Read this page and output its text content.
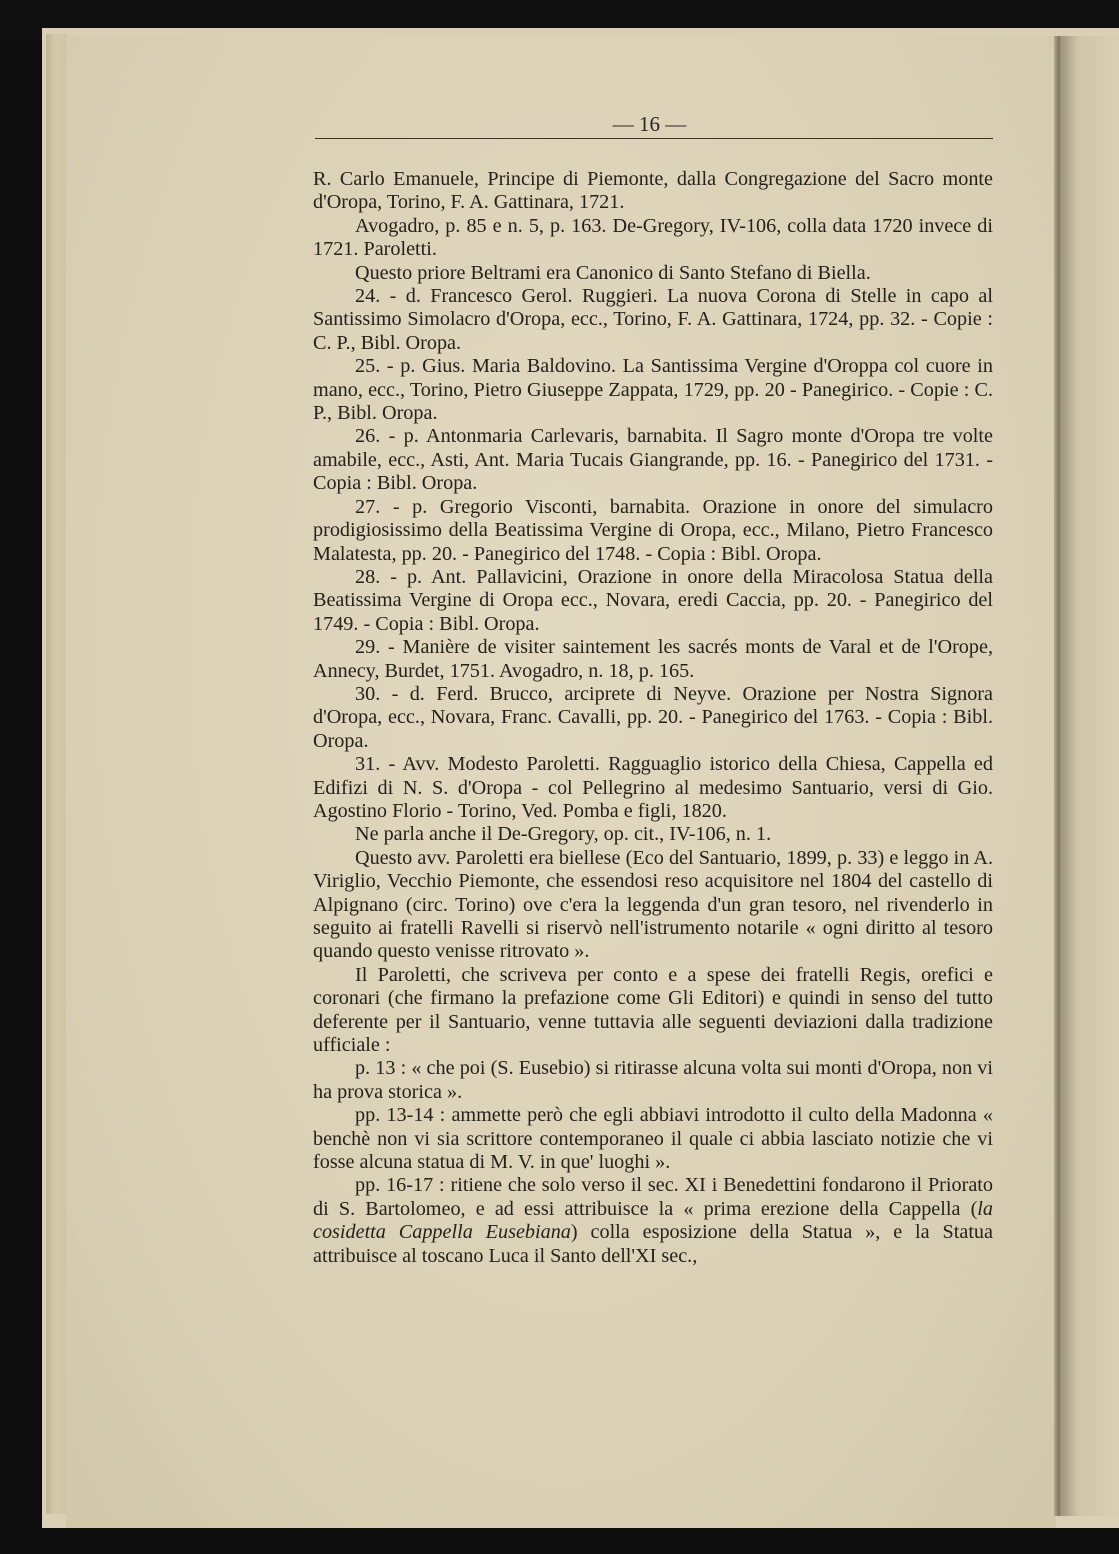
— 16 —

R. Carlo Emanuele, Principe di Piemonte, dalla Congregazione del Sacro monte d'Oropa, Torino, F. A. Gattinara, 1721.

Avogadro, p. 85 e n. 5, p. 163. De-Gregory, IV-106, colla data 1720 invece di 1721. Paroletti.

Questo priore Beltrami era Canonico di Santo Stefano di Biella.

24. - d. Francesco Gerol. Ruggieri. La nuova Corona di Stelle in capo al Santissimo Simolacro d'Oropa, ecc., Torino, F. A. Gattinara, 1724, pp. 32. - Copie : C. P., Bibl. Oropa.

25. - p. Gius. Maria Baldovino. La Santissima Vergine d'Oroppa col cuore in mano, ecc., Torino, Pietro Giuseppe Zappata, 1729, pp. 20 - Panegirico. - Copie : C. P., Bibl. Oropa.

26. - p. Antonmaria Carlevaris, barnabita. Il Sagro monte d'Oropa tre volte amabile, ecc., Asti, Ant. Maria Tucais Giangrande, pp. 16. - Panegirico del 1731. - Copia : Bibl. Oropa.

27. - p. Gregorio Visconti, barnabita. Orazione in onore del simulacro prodigiosissimo della Beatissima Vergine di Oropa, ecc., Milano, Pietro Francesco Malatesta, pp. 20. - Panegirico del 1748. - Copia : Bibl. Oropa.

28. - p. Ant. Pallavicini, Orazione in onore della Miracolosa Statua della Beatissima Vergine di Oropa ecc., Novara, eredi Caccia, pp. 20. - Panegirico del 1749. - Copia : Bibl. Oropa.

29. - Manière de visiter saintement les sacrés monts de Varal et de l'Orope, Annecy, Burdet, 1751. Avogadro, n. 18, p. 165.

30. - d. Ferd. Brucco, arciprete di Neyve. Orazione per Nostra Signora d'Oropa, ecc., Novara, Franc. Cavalli, pp. 20. - Panegirico del 1763. - Copia : Bibl. Oropa.

31. - Avv. Modesto Paroletti. Ragguaglio istorico della Chiesa, Cappella ed Edifizi di N. S. d'Oropa - col Pellegrino al medesimo Santuario, versi di Gio. Agostino Florio - Torino, Ved. Pomba e figli, 1820.

Ne parla anche il De-Gregory, op. cit., IV-106, n. 1.

Questo avv. Paroletti era biellese (Eco del Santuario, 1899, p. 33) e leggo in A. Viriglio, Vecchio Piemonte, che essendosi reso acquisitore nel 1804 del castello di Alpignano (circ. Torino) ove c'era la leggenda d'un gran tesoro, nel rivenderlo in seguito ai fratelli Ravelli si riservò nell'istrumento notarile « ogni diritto al tesoro quando questo venisse ritrovato ».

Il Paroletti, che scriveva per conto e a spese dei fratelli Regis, orefici e coronari (che firmano la prefazione come Gli Editori) e quindi in senso del tutto deferente per il Santuario, venne tuttavia alle seguenti deviazioni dalla tradizione ufficiale :

p. 13 : « che poi (S. Eusebio) si ritirasse alcuna volta sui monti d'Oropa, non vi ha prova storica ».

pp. 13-14 : ammette però che egli abbiavi introdotto il culto della Madonna « benchè non vi sia scrittore contemporaneo il quale ci abbia lasciato notizie che vi fosse alcuna statua di M. V. in que' luoghi ».

pp. 16-17 : ritiene che solo verso il sec. XI i Benedettini fondarono il Priorato di S. Bartolomeo, e ad essi attribuisce la « prima erezione della Cappella (la cosidetta Cappella Eusebiana) colla esposizione della Statua », e la Statua attribuisce al toscano Luca il Santo dell'XI sec.,
